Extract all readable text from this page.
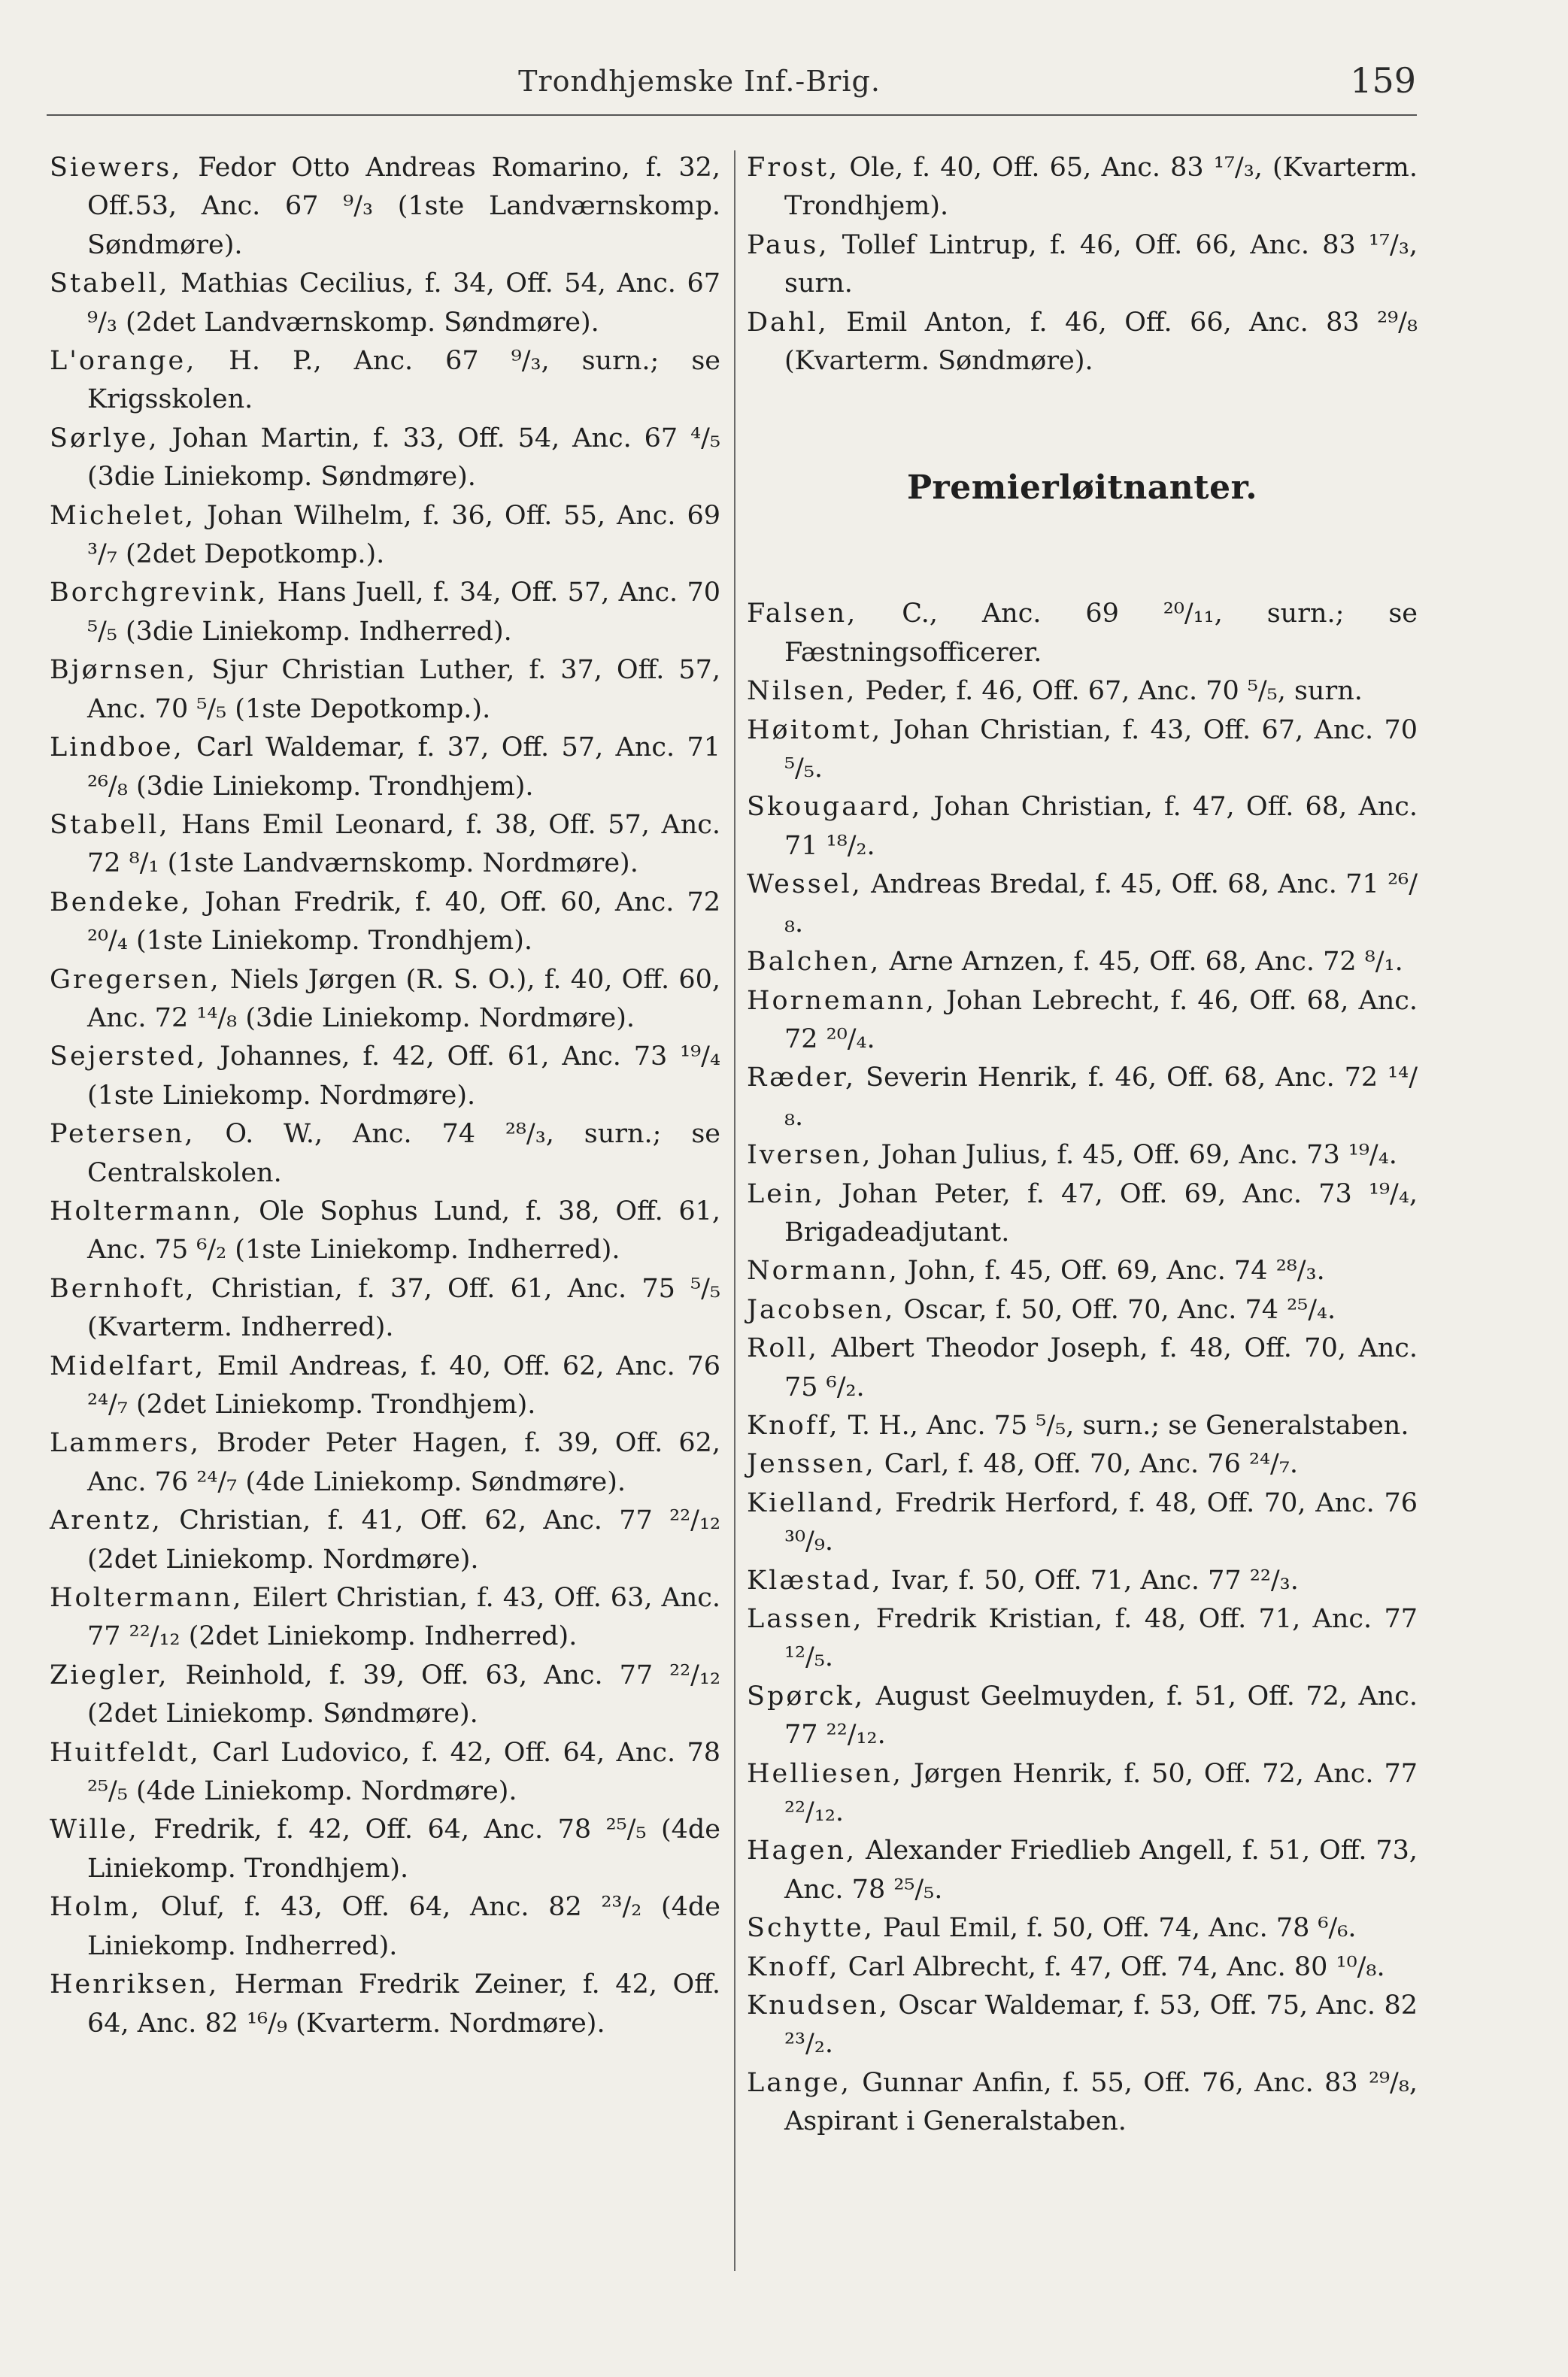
Trondhjemske Inf.-Brig.	159

Siewers, Fedor Otto Andreas Romarino, f. 32, Off.53, Anc. 67 ⁹/₃ (1ste Landværnskomp. Søndmøre).

Stabell, Mathias Cecilius, f. 34, Off. 54, Anc. 67 ⁹/₃ (2det Landværnskomp. Søndmøre).

L'orange, H. P., Anc. 67 ⁹/₃, surn.; se Krigsskolen.

Sørlye, Johan Martin, f. 33, Off. 54, Anc. 67 ⁴/₅ (3die Liniekomp. Søndmøre).

Michelet, Johan Wilhelm, f. 36, Off. 55, Anc. 69 ³/₇ (2det Depotkomp.).

Borchgrevink, Hans Juell, f. 34, Off. 57, Anc. 70 ⁵/₅ (3die Liniekomp. Indherred).

Bjørnsen, Sjur Christian Luther, f. 37, Off. 57, Anc. 70 ⁵/₅ (1ste Depotkomp.).

Lindboe, Carl Waldemar, f. 37, Off. 57, Anc. 71 ²⁶/₈ (3die Liniekomp. Trondhjem).

Stabell, Hans Emil Leonard, f. 38, Off. 57, Anc. 72 ⁸/₁ (1ste Landværnskomp. Nordmøre).

Bendeke, Johan Fredrik, f. 40, Off. 60, Anc. 72 ²⁰/₄ (1ste Liniekomp. Trondhjem).

Gregersen, Niels Jørgen (R. S. O.), f. 40, Off. 60, Anc. 72 ¹⁴/₈ (3die Liniekomp. Nordmøre).

Sejersted, Johannes, f. 42, Off. 61, Anc. 73 ¹⁹/₄ (1ste Liniekomp. Nordmøre).

Petersen, O. W., Anc. 74 ²⁸/₃, surn.; se Centralskolen.

Holtermann, Ole Sophus Lund, f. 38, Off. 61, Anc. 75 ⁶/₂ (1ste Liniekomp. Indherred).

Bernhoft, Christian, f. 37, Off. 61, Anc. 75 ⁵/₅ (Kvarterm. Indherred).

Midelfart, Emil Andreas, f. 40, Off. 62, Anc. 76 ²⁴/₇ (2det Liniekomp. Trondhjem).

Lammers, Broder Peter Hagen, f. 39, Off. 62, Anc. 76 ²⁴/₇ (4de Liniekomp. Søndmøre).

Arentz, Christian, f. 41, Off. 62, Anc. 77 ²²/₁₂ (2det Liniekomp. Nordmøre).

Holtermann, Eilert Christian, f. 43, Off. 63, Anc. 77 ²²/₁₂ (2det Liniekomp. Indherred).

Ziegler, Reinhold, f. 39, Off. 63, Anc. 77 ²²/₁₂ (2det Liniekomp. Søndmøre).

Huitfeldt, Carl Ludovico, f. 42, Off. 64, Anc. 78 ²⁵/₅ (4de Liniekomp. Nordmøre).

Wille, Fredrik, f. 42, Off. 64, Anc. 78 ²⁵/₅ (4de Liniekomp. Trondhjem).

Holm, Oluf, f. 43, Off. 64, Anc. 82 ²³/₂ (4de Liniekomp. Indherred).

Henriksen, Herman Fredrik Zeiner, f. 42, Off. 64, Anc. 82 ¹⁶/₉ (Kvarterm. Nordmøre).

Frost, Ole, f. 40, Off. 65, Anc. 83 ¹⁷/₃, (Kvarterm. Trondhjem).

Paus, Tollef Lintrup, f. 46, Off. 66, Anc. 83 ¹⁷/₃, surn.

Dahl, Emil Anton, f. 46, Off. 66, Anc. 83 ²⁹/₈ (Kvarterm. Søndmøre).

Premierløitnanter.

Falsen, C., Anc. 69 ²⁰/₁₁, surn.; se Fæstningsofficerer.

Nilsen, Peder, f. 46, Off. 67, Anc. 70 ⁵/₅, surn.

Høitomt, Johan Christian, f. 43, Off. 67, Anc. 70 ⁵/₅.

Skougaard, Johan Christian, f. 47, Off. 68, Anc. 71 ¹⁸/₂.

Wessel, Andreas Bredal, f. 45, Off. 68, Anc. 71 ²⁶/₈.

Balchen, Arne Arnzen, f. 45, Off. 68, Anc. 72 ⁸/₁.

Hornemann, Johan Lebrecht, f. 46, Off. 68, Anc. 72 ²⁰/₄.

Ræder, Severin Henrik, f. 46, Off. 68, Anc. 72 ¹⁴/₈.

Iversen, Johan Julius, f. 45, Off. 69, Anc. 73 ¹⁹/₄.

Lein, Johan Peter, f. 47, Off. 69, Anc. 73 ¹⁹/₄, Brigadeadjutant.

Normann, John, f. 45, Off. 69, Anc. 74 ²⁸/₃.

Jacobsen, Oscar, f. 50, Off. 70, Anc. 74 ²⁵/₄.

Roll, Albert Theodor Joseph, f. 48, Off. 70, Anc. 75 ⁶/₂.

Knoff, T. H., Anc. 75 ⁵/₅, surn.; se Generalstaben.

Jenssen, Carl, f. 48, Off. 70, Anc. 76 ²⁴/₇.

Kielland, Fredrik Herford, f. 48, Off. 70, Anc. 76 ³⁰/₉.

Klæstad, Ivar, f. 50, Off. 71, Anc. 77 ²²/₃.

Lassen, Fredrik Kristian, f. 48, Off. 71, Anc. 77 ¹²/₅.

Spørck, August Geelmuyden, f. 51, Off. 72, Anc. 77 ²²/₁₂.

Helliesen, Jørgen Henrik, f. 50, Off. 72, Anc. 77 ²²/₁₂.

Hagen, Alexander Friedlieb Angell, f. 51, Off. 73, Anc. 78 ²⁵/₅.

Schytte, Paul Emil, f. 50, Off. 74, Anc. 78 ⁶/₆.

Knoff, Carl Albrecht, f. 47, Off. 74, Anc. 80 ¹⁰/₈.

Knudsen, Oscar Waldemar, f. 53, Off. 75, Anc. 82 ²³/₂.

Lange, Gunnar Anfin, f. 55, Off. 76, Anc. 83 ²⁹/₈, Aspirant i Generalstaben.
